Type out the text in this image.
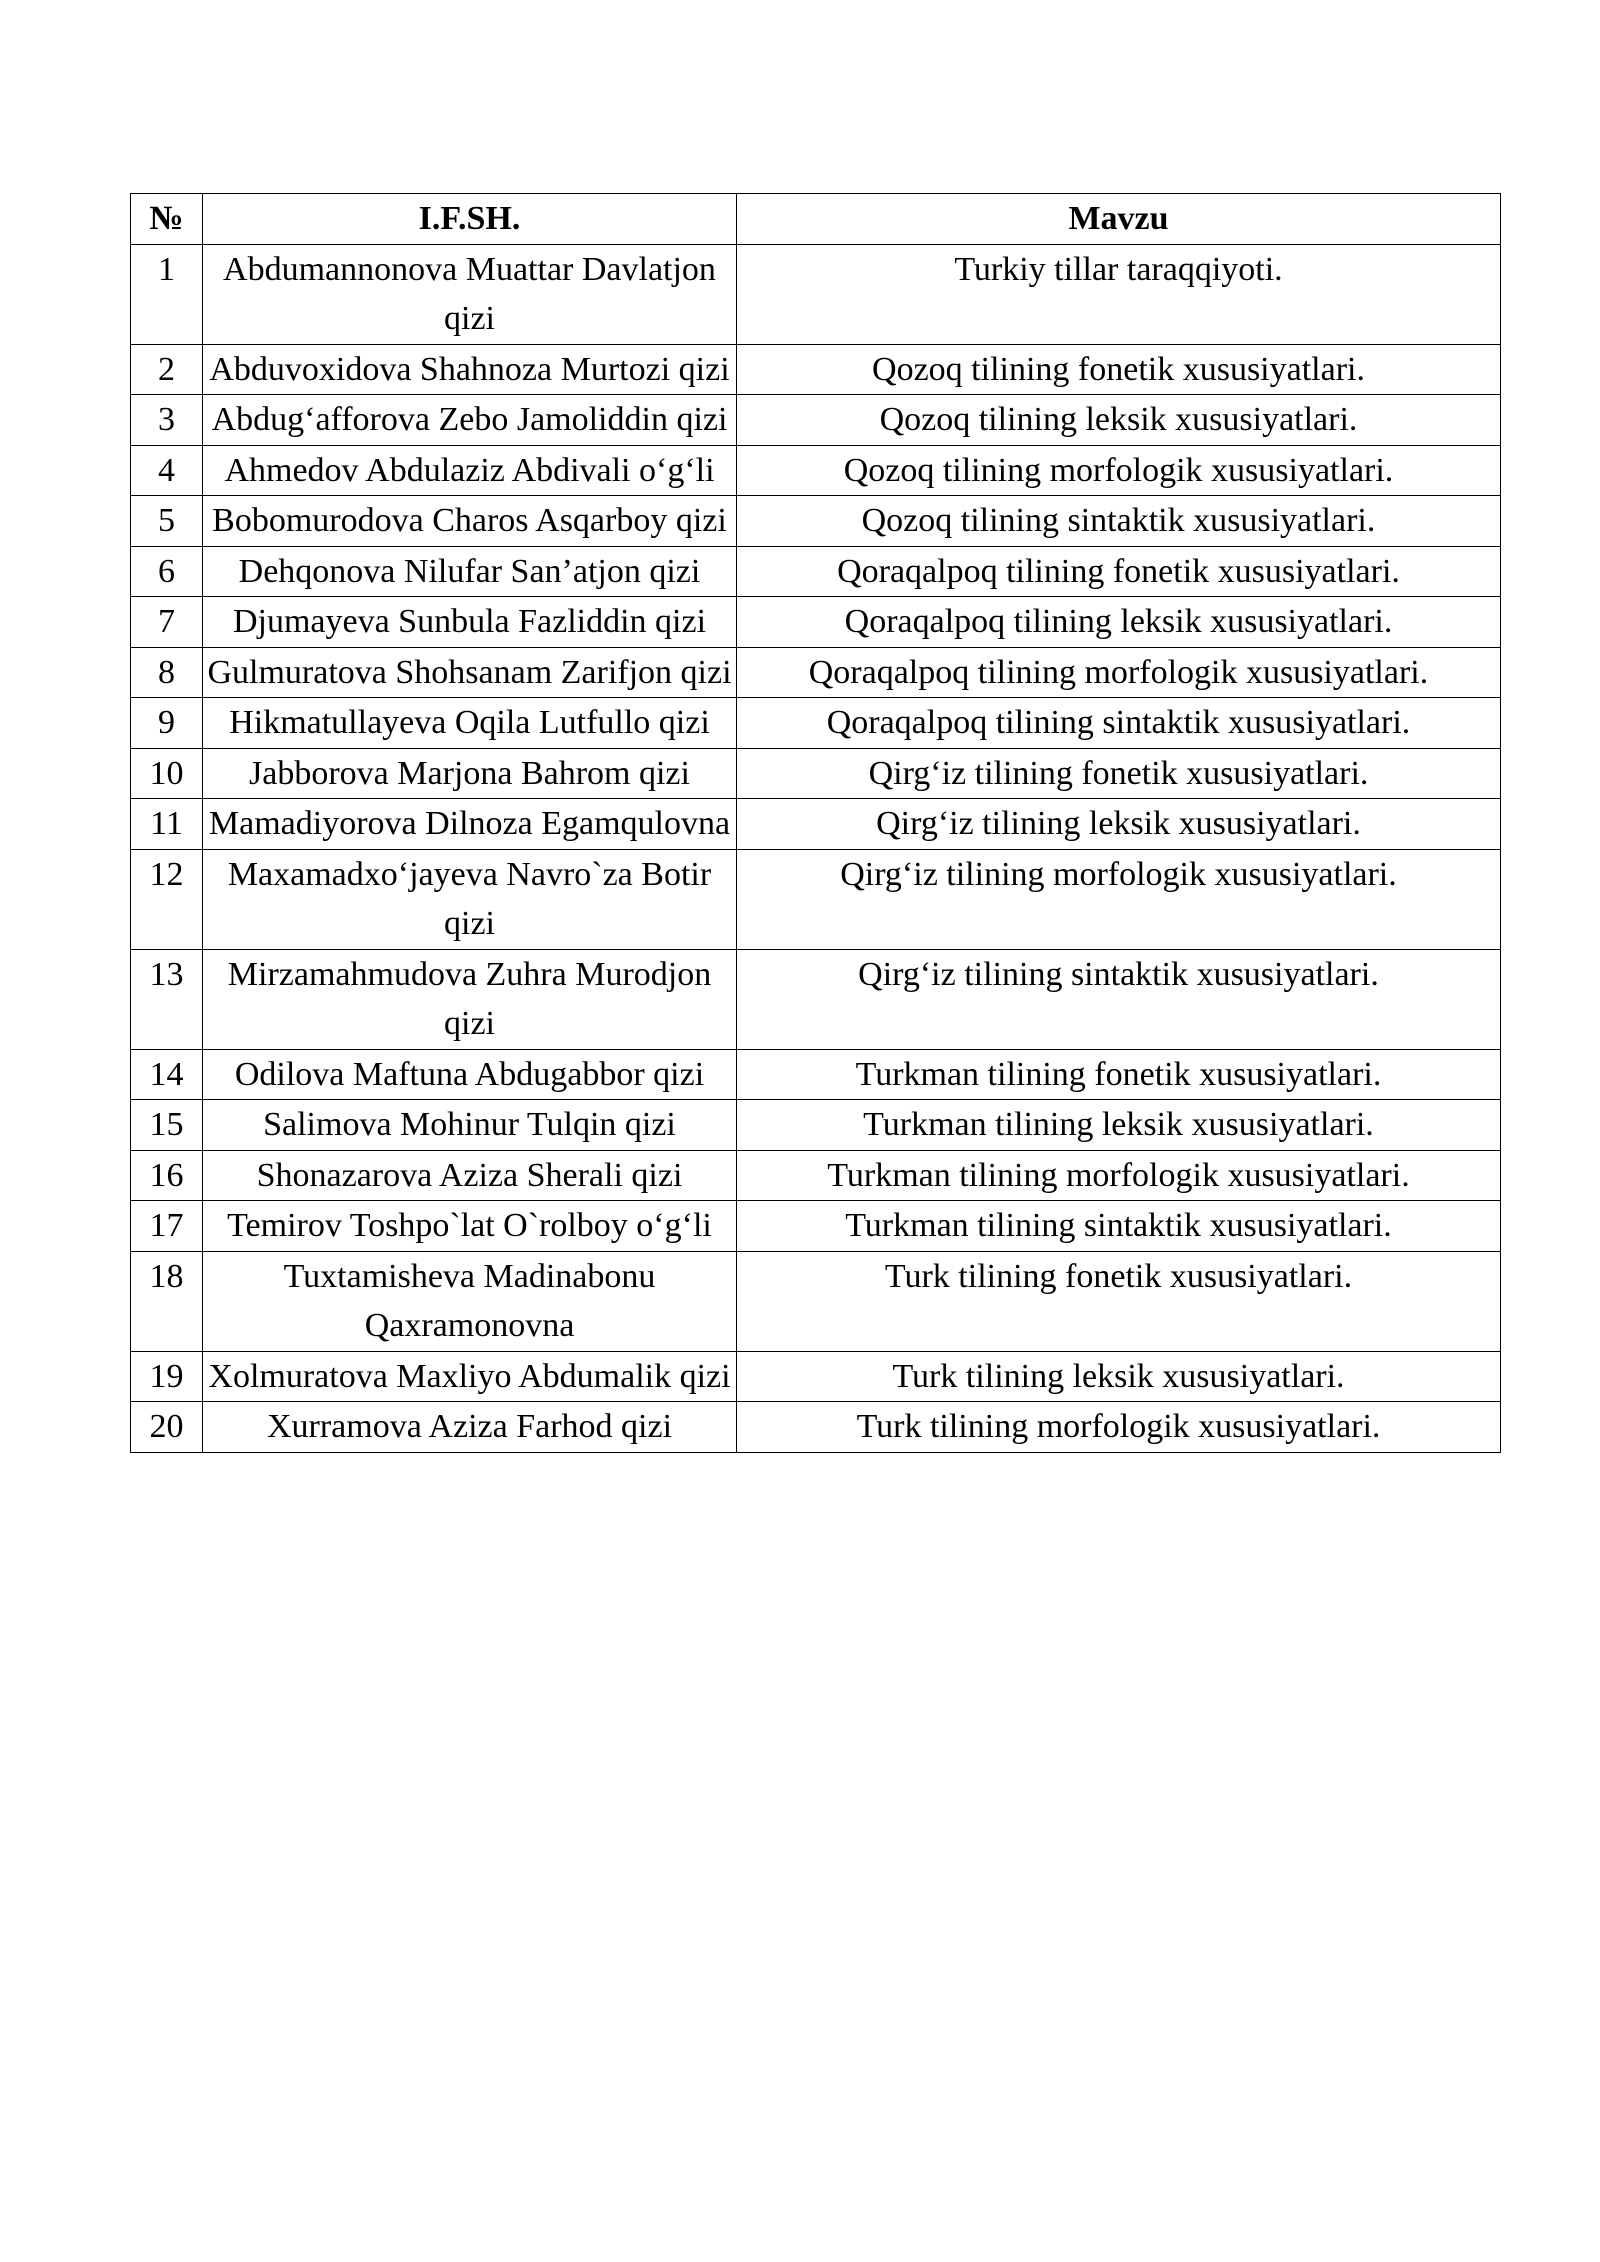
№	I.F.SH.	Mavzu
1	Abdumannonova Muattar Davlatjon qizi	Turkiy tillar taraqqiyoti.
2	Abduvoxidova Shahnoza Murtozi qizi	Qozoq tilining fonetik xususiyatlari.
3	Abdug‘afforova Zebo Jamoliddin qizi	Qozoq tilining leksik xususiyatlari.
4	Ahmedov Abdulaziz Abdivali o‘g‘li	Qozoq tilining morfologik xususiyatlari.
5	Bobomurodova Charos Asqarboy qizi	Qozoq tilining sintaktik xususiyatlari.
6	Dehqonova Nilufar San’atjon qizi	Qoraqalpoq tilining fonetik xususiyatlari.
7	Djumayeva Sunbula Fazliddin qizi	Qoraqalpoq tilining leksik xususiyatlari.
8	Gulmuratova Shohsanam Zarifjon qizi	Qoraqalpoq tilining morfologik xususiyatlari.
9	Hikmatullayeva Oqila Lutfullo qizi	Qoraqalpoq tilining sintaktik xususiyatlari.
10	Jabborova Marjona Bahrom qizi	Qirg‘iz tilining fonetik xususiyatlari.
11	Mamadiyorova Dilnoza Egamqulovna	Qirg‘iz tilining leksik xususiyatlari.
12	Maxamadxo‘jayeva Navro`za Botir qizi	Qirg‘iz tilining morfologik xususiyatlari.
13	Mirzamahmudova Zuhra Murodjon qizi	Qirg‘iz tilining sintaktik xususiyatlari.
14	Odilova Maftuna Abdugabbor qizi	Turkman tilining fonetik xususiyatlari.
15	Salimova Mohinur Tulqin qizi	Turkman tilining leksik xususiyatlari.
16	Shonazarova Aziza Sherali qizi	Turkman tilining morfologik xususiyatlari.
17	Temirov Toshpo`lat O`rolboy o‘g‘li	Turkman tilining sintaktik xususiyatlari.
18	Tuxtamisheva Madinabonu Qaxramonovna	Turk tilining fonetik xususiyatlari.
19	Xolmuratova Maxliyo Abdumalik qizi	Turk tilining leksik xususiyatlari.
20	Xurramova Aziza Farhod qizi	Turk tilining morfologik xususiyatlari.
